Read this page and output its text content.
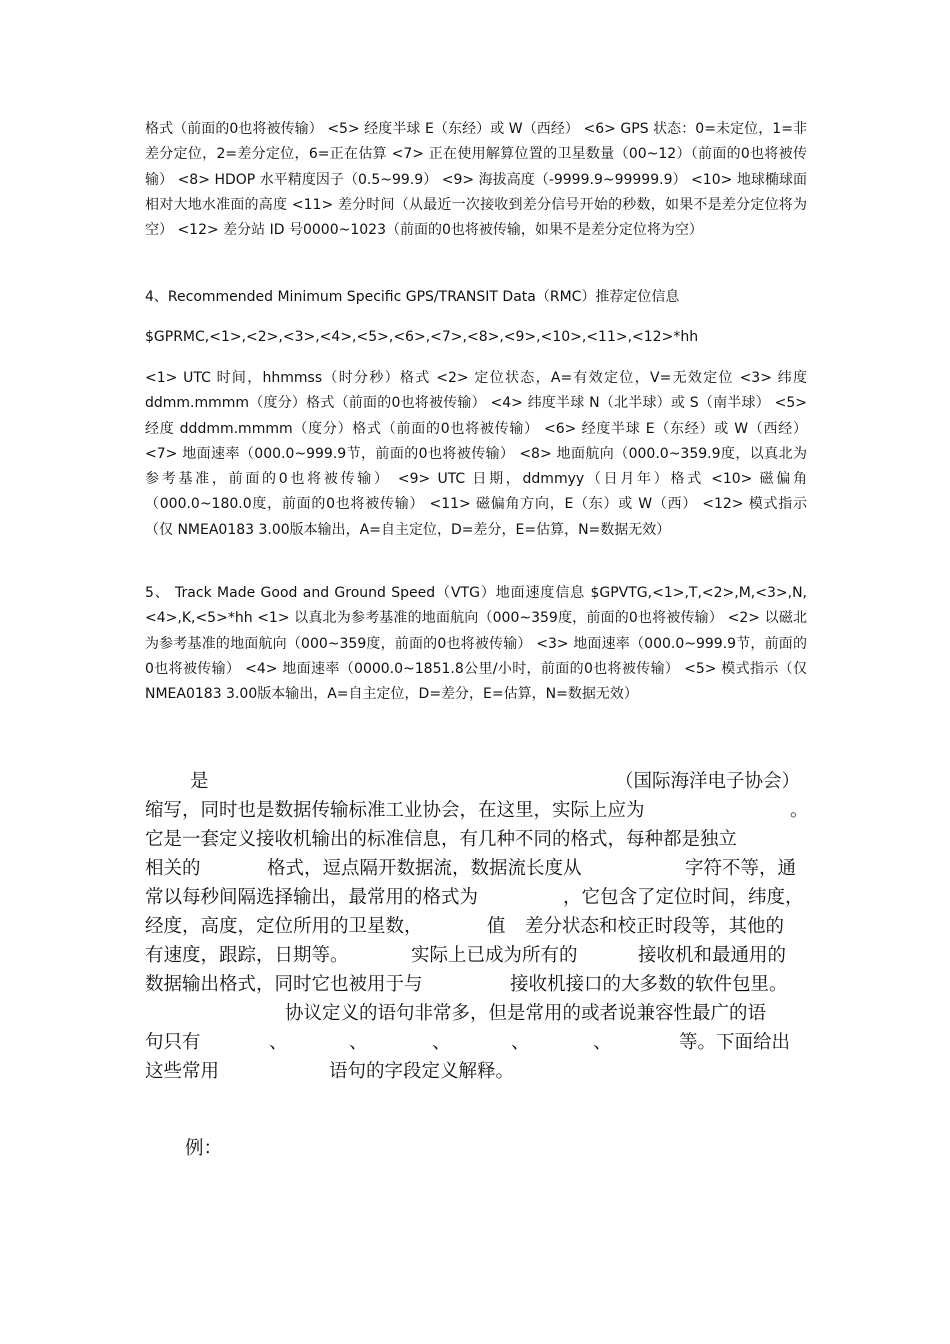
格式（前面的0也将被传输） <5> 经度半球 E（东经）或 W（西经） <6> GPS 状态：0=未定位，1=非差分定位，2=差分定位，6=正在估算 <7> 正在使用解算位置的卫星数量（00~12）（前面的0也将被传输） <8> HDOP 水平精度因子（0.5~99.9） <9> 海拔高度（-9999.9~99999.9） <10> 地球椭球面相对大地水准面的高度 <11> 差分时间（从最近一次接收到差分信号开始的秒数，如果不是差分定位将为空） <12> 差分站 ID 号0000~1023（前面的0也将被传输，如果不是差分定位将为空）

4、Recommended Minimum Specific GPS/TRANSIT Data（RMC）推荐定位信息

$GPRMC,<1>,<2>,<3>,<4>,<5>,<6>,<7>,<8>,<9>,<10>,<11>,<12>*hh

<1> UTC 时间，hhmmss（时分秒）格式 <2> 定位状态，A=有效定位，V=无效定位 <3> 纬度 ddmm.mmmm（度分）格式（前面的0也将被传输） <4> 纬度半球 N（北半球）或 S（南半球） <5> 经度 dddmm.mmmm（度分）格式（前面的0也将被传输） <6> 经度半球 E（东经）或 W（西经） <7> 地面速率（000.0~999.9节，前面的0也将被传输） <8> 地面航向（000.0~359.9度，以真北为参考基准，前面的0也将被传输） <9> UTC 日期，ddmmyy（日月年）格式 <10> 磁偏角（000.0~180.0度，前面的0也将被传输） <11> 磁偏角方向，E（东）或 W（西） <12> 模式指示（仅 NMEA0183 3.00版本输出，A=自主定位，D=差分，E=估算，N=数据无效）

5、 Track Made Good and Ground Speed（VTG）地面速度信息 $GPVTG,<1>,T,<2>,M,<3>,N,<4>,K,<5>*hh <1> 以真北为参考基准的地面航向（000~359度，前面的0也将被传输） <2> 以磁北为参考基准的地面航向（000~359度，前面的0也将被传输） <3> 地面速率（000.0~999.9节，前面的0也将被传输） <4> 地面速率（0000.0~1851.8公里/小时，前面的0也将被传输） <5> 模式指示（仅 NMEA0183 3.00版本输出，A=自主定位，D=差分，E=估算，N=数据无效）

是	（国际海洋电子协会）
缩写，同时也是数据传输标准工业协会，在这里，实际上应为	。
它是一套定义接收机输出的标准信息，有几种不同的格式，每种都是独立
相关的	格式，逗点隔开数据流，数据流长度从	字符不等，通
常以每秒间隔选择输出，最常用的格式为	，它包含了定位时间，纬度，
经度，高度，定位所用的卫星数，	值 差分状态和校正时段等，其他的
有速度，跟踪，日期等。	实际上已成为所有的	接收机和最通用的
数据输出格式，同时它也被用于与	接收机接口的大多数的软件包里。
协议定义的语句非常多，但是常用的或者说兼容性最广的语
句只有	、	、	、	、	、	等。下面给出
这些常用	语句的字段定义解释。
例：
